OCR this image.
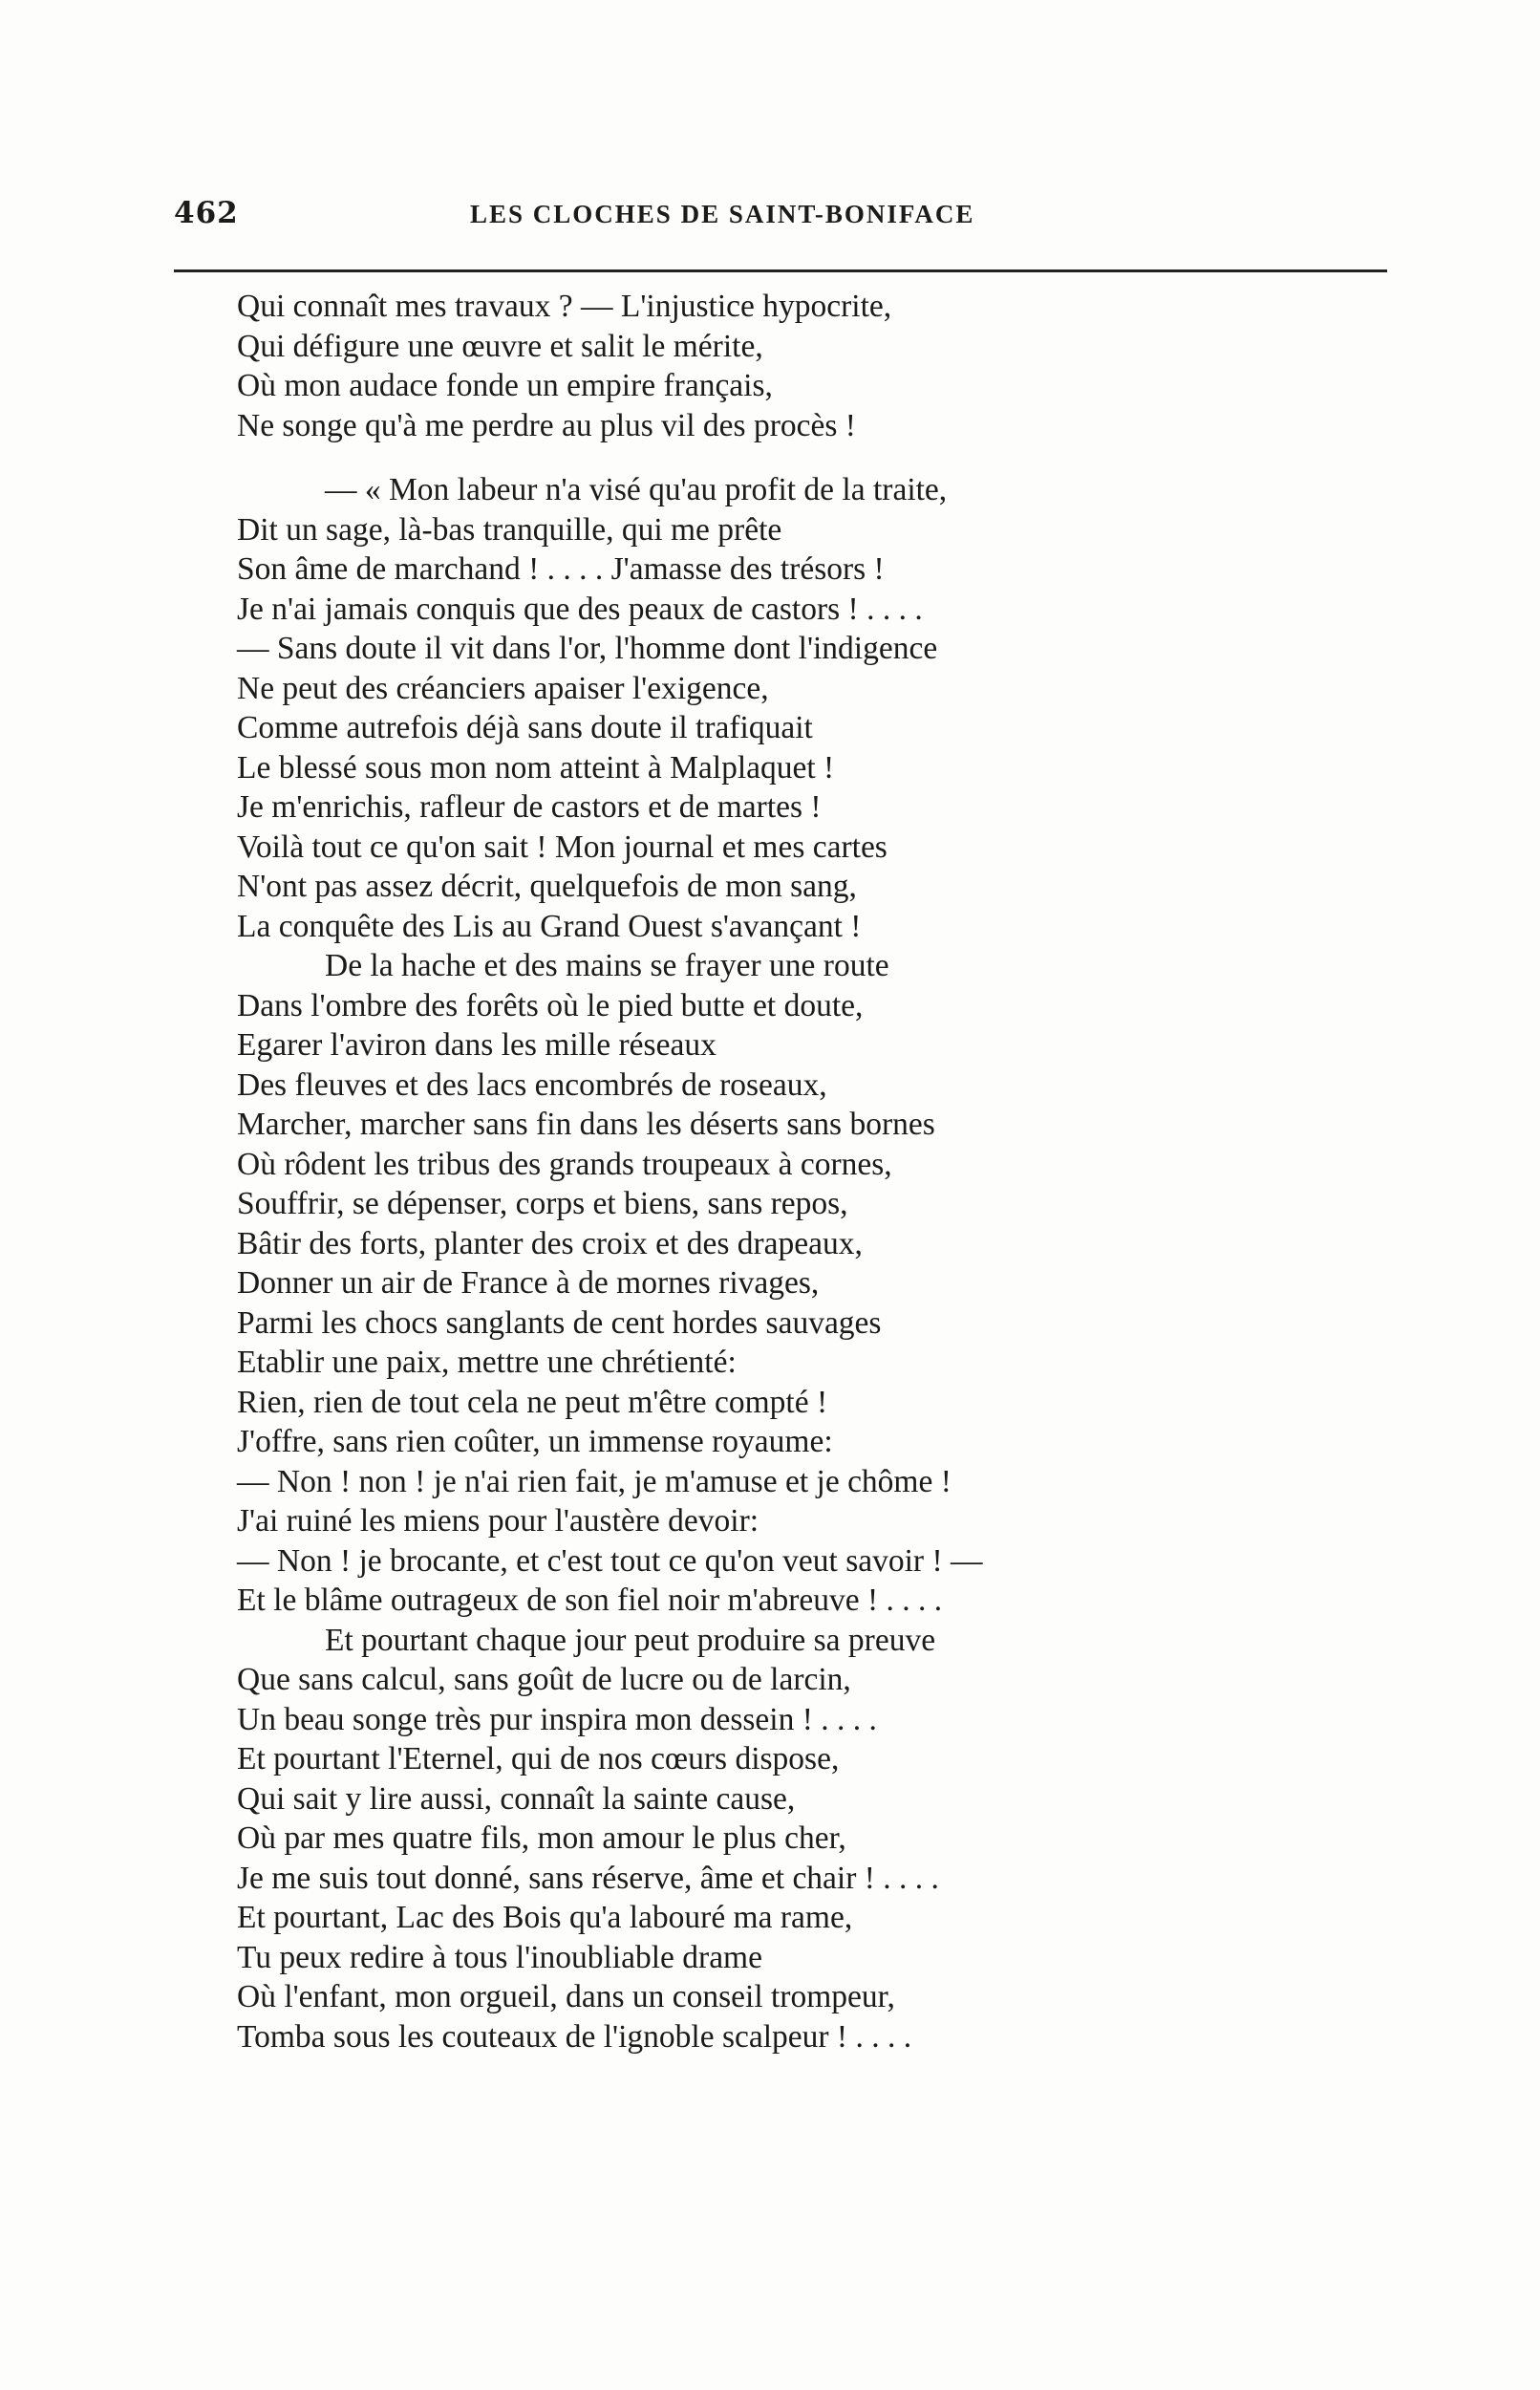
462	LES CLOCHES DE SAINT-BONIFACE
Qui connaît mes travaux ? — L'injustice hypocrite,
Qui défigure une œuvre et salit le mérite,
Où mon audace fonde un empire français,
Ne songe qu'à me perdre au plus vil des procès !
— « Mon labeur n'a visé qu'au profit de la traite,
Dit un sage, là-bas tranquille, qui me prête
Son âme de marchand ! . . . . J'amasse des trésors !
Je n'ai jamais conquis que des peaux de castors ! . . . .
— Sans doute il vit dans l'or, l'homme dont l'indigence
Ne peut des créanciers apaiser l'exigence,
Comme autrefois déjà sans doute il trafiquait
Le blessé sous mon nom atteint à Malplaquet !
Je m'enrichis, rafleur de castors et de martes !
Voilà tout ce qu'on sait ! Mon journal et mes cartes
N'ont pas assez décrit, quelquefois de mon sang,
La conquête des Lis au Grand Ouest s'avançant !
De la hache et des mains se frayer une route
Dans l'ombre des forêts où le pied butte et doute,
Egarer l'aviron dans les mille réseaux
Des fleuves et des lacs encombrés de roseaux,
Marcher, marcher sans fin dans les déserts sans bornes
Où rôdent les tribus des grands troupeaux à cornes,
Souffrir, se dépenser, corps et biens, sans repos,
Bâtir des forts, planter des croix et des drapeaux,
Donner un air de France à de mornes rivages,
Parmi les chocs sanglants de cent hordes sauvages
Etablir une paix, mettre une chrétienté:
Rien, rien de tout cela ne peut m'être compté !
J'offre, sans rien coûter, un immense royaume:
— Non ! non ! je n'ai rien fait, je m'amuse et je chôme !
J'ai ruiné les miens pour l'austère devoir:
— Non ! je brocante, et c'est tout ce qu'on veut savoir ! —
Et le blâme outrageux de son fiel noir m'abreuve ! . . . .
Et pourtant chaque jour peut produire sa preuve
Que sans calcul, sans goût de lucre ou de larcin,
Un beau songe très pur inspira mon dessein ! . . . .
Et pourtant l'Eternel, qui de nos cœurs dispose,
Qui sait y lire aussi, connaît la sainte cause,
Où par mes quatre fils, mon amour le plus cher,
Je me suis tout donné, sans réserve, âme et chair ! . . . .
Et pourtant, Lac des Bois qu'a labouré ma rame,
Tu peux redire à tous l'inoubliable drame
Où l'enfant, mon orgueil, dans un conseil trompeur,
Tomba sous les couteaux de l'ignoble scalpeur ! . . . .
